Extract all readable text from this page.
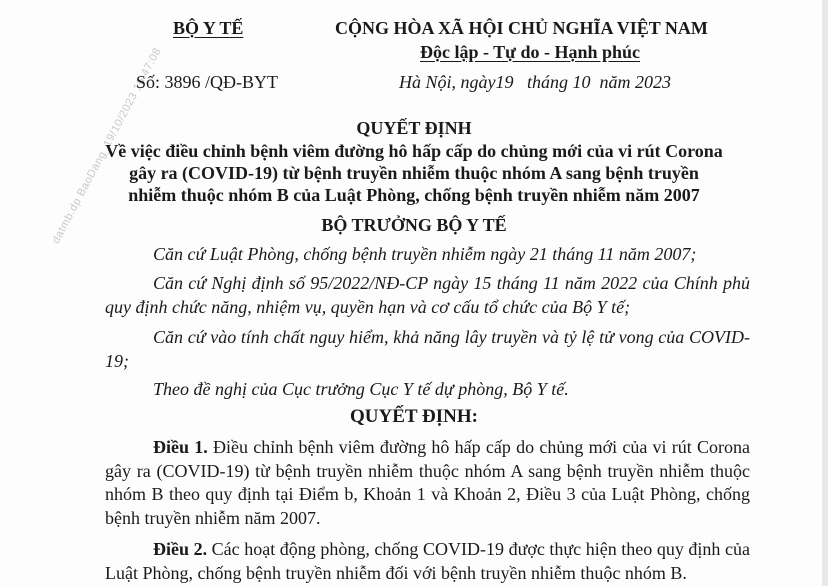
datmb.dp BaoDang_19/10/2023 16:47:08
BỘ Y TẾ
Số: 3896 /QĐ-BYT
CỘNG HÒA XÃ HỘI CHỦ NGHĨA VIỆT NAM
Độc lập - Tự do - Hạnh phúc
Hà Nội, ngày19 tháng 10 năm 2023
QUYẾT ĐỊNH
Về việc điều chỉnh bệnh viêm đường hô hấp cấp do chủng mới của vi rút Corona
gây ra (COVID-19) từ bệnh truyền nhiễm thuộc nhóm A sang bệnh truyền
nhiễm thuộc nhóm B của Luật Phòng, chống bệnh truyền nhiễm năm 2007
BỘ TRƯỞNG BỘ Y TẾ
Căn cứ Luật Phòng, chống bệnh truyền nhiễm ngày 21 tháng 11 năm 2007;
Căn cứ Nghị định số 95/2022/NĐ-CP ngày 15 tháng 11 năm 2022 của Chính phủ quy định chức năng, nhiệm vụ, quyền hạn và cơ cấu tổ chức của Bộ Y tế;
Căn cứ vào tính chất nguy hiểm, khả năng lây truyền và tỷ lệ tử vong của COVID-19;
Theo đề nghị của Cục trưởng Cục Y tế dự phòng, Bộ Y tế.
QUYẾT ĐỊNH:
Điều 1. Điều chỉnh bệnh viêm đường hô hấp cấp do chủng mới của vi rút Corona gây ra (COVID-19) từ bệnh truyền nhiễm thuộc nhóm A sang bệnh truyền nhiễm thuộc nhóm B theo quy định tại Điểm b, Khoản 1 và Khoản 2, Điều 3 của Luật Phòng, chống bệnh truyền nhiễm năm 2007.
Điều 2. Các hoạt động phòng, chống COVID-19 được thực hiện theo quy định của Luật Phòng, chống bệnh truyền nhiễm đối với bệnh truyền nhiễm thuộc nhóm B.
